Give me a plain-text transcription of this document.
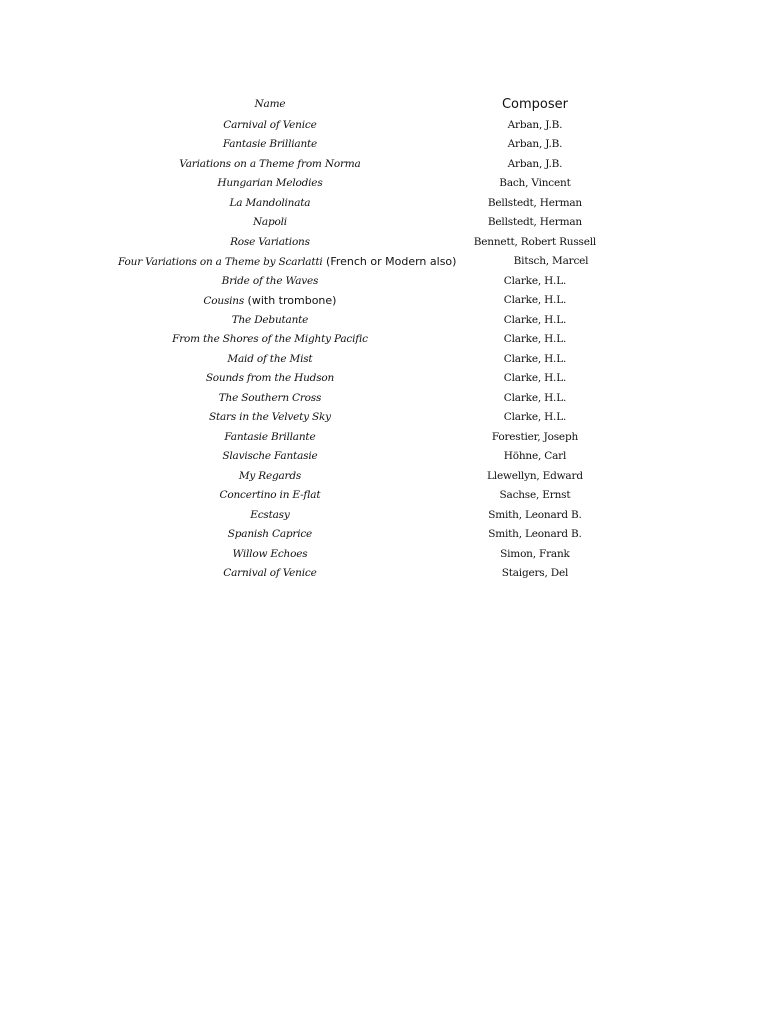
Name	Composer
Carnival of Venice	Arban, J.B.
Fantasie Brilliante	Arban, J.B.
Variations on a Theme from Norma	Arban, J.B.
Hungarian Melodies	Bach, Vincent
La Mandolinata	Bellstedt, Herman
Napoli	Bellstedt, Herman
Rose Variations	Bennett, Robert Russell
Four Variations on a Theme by Scarlatti (French or Modern also)	Bitsch, Marcel
Bride of the Waves	Clarke, H.L.
Cousins (with trombone)	Clarke, H.L.
The Debutante	Clarke, H.L.
From the Shores of the Mighty Pacific	Clarke, H.L.
Maid of the Mist	Clarke, H.L.
Sounds from the Hudson	Clarke, H.L.
The Southern Cross	Clarke, H.L.
Stars in the Velvety Sky	Clarke, H.L.
Fantasie Brillante	Forestier, Joseph
Slavische Fantasie	Höhne, Carl
My Regards	Llewellyn, Edward
Concertino in E-flat	Sachse, Ernst
Ecstasy	Smith, Leonard B.
Spanish Caprice	Smith, Leonard B.
Willow Echoes	Simon, Frank
Carnival of Venice	Staigers, Del
